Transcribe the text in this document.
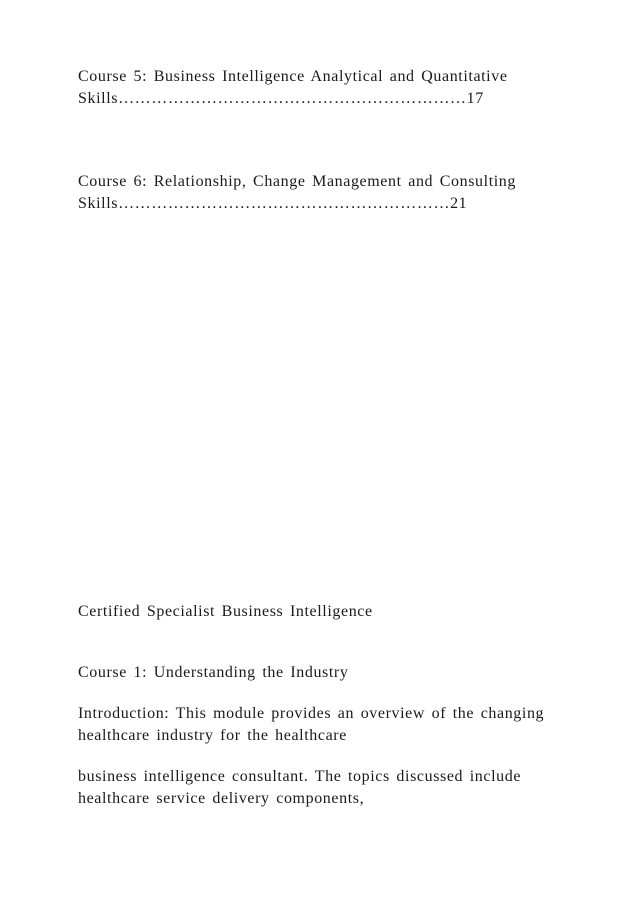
Course 5: Business Intelligence Analytical and Quantitative
Skills………………………………………………………17
Course 6: Relationship, Change Management and Consulting
Skills……………………………………………………21

Certified Specialist Business Intelligence

Course 1: Understanding the Industry

Introduction: This module provides an overview of the changing
healthcare industry for the healthcare
business intelligence consultant. The topics discussed include
healthcare service delivery components,
